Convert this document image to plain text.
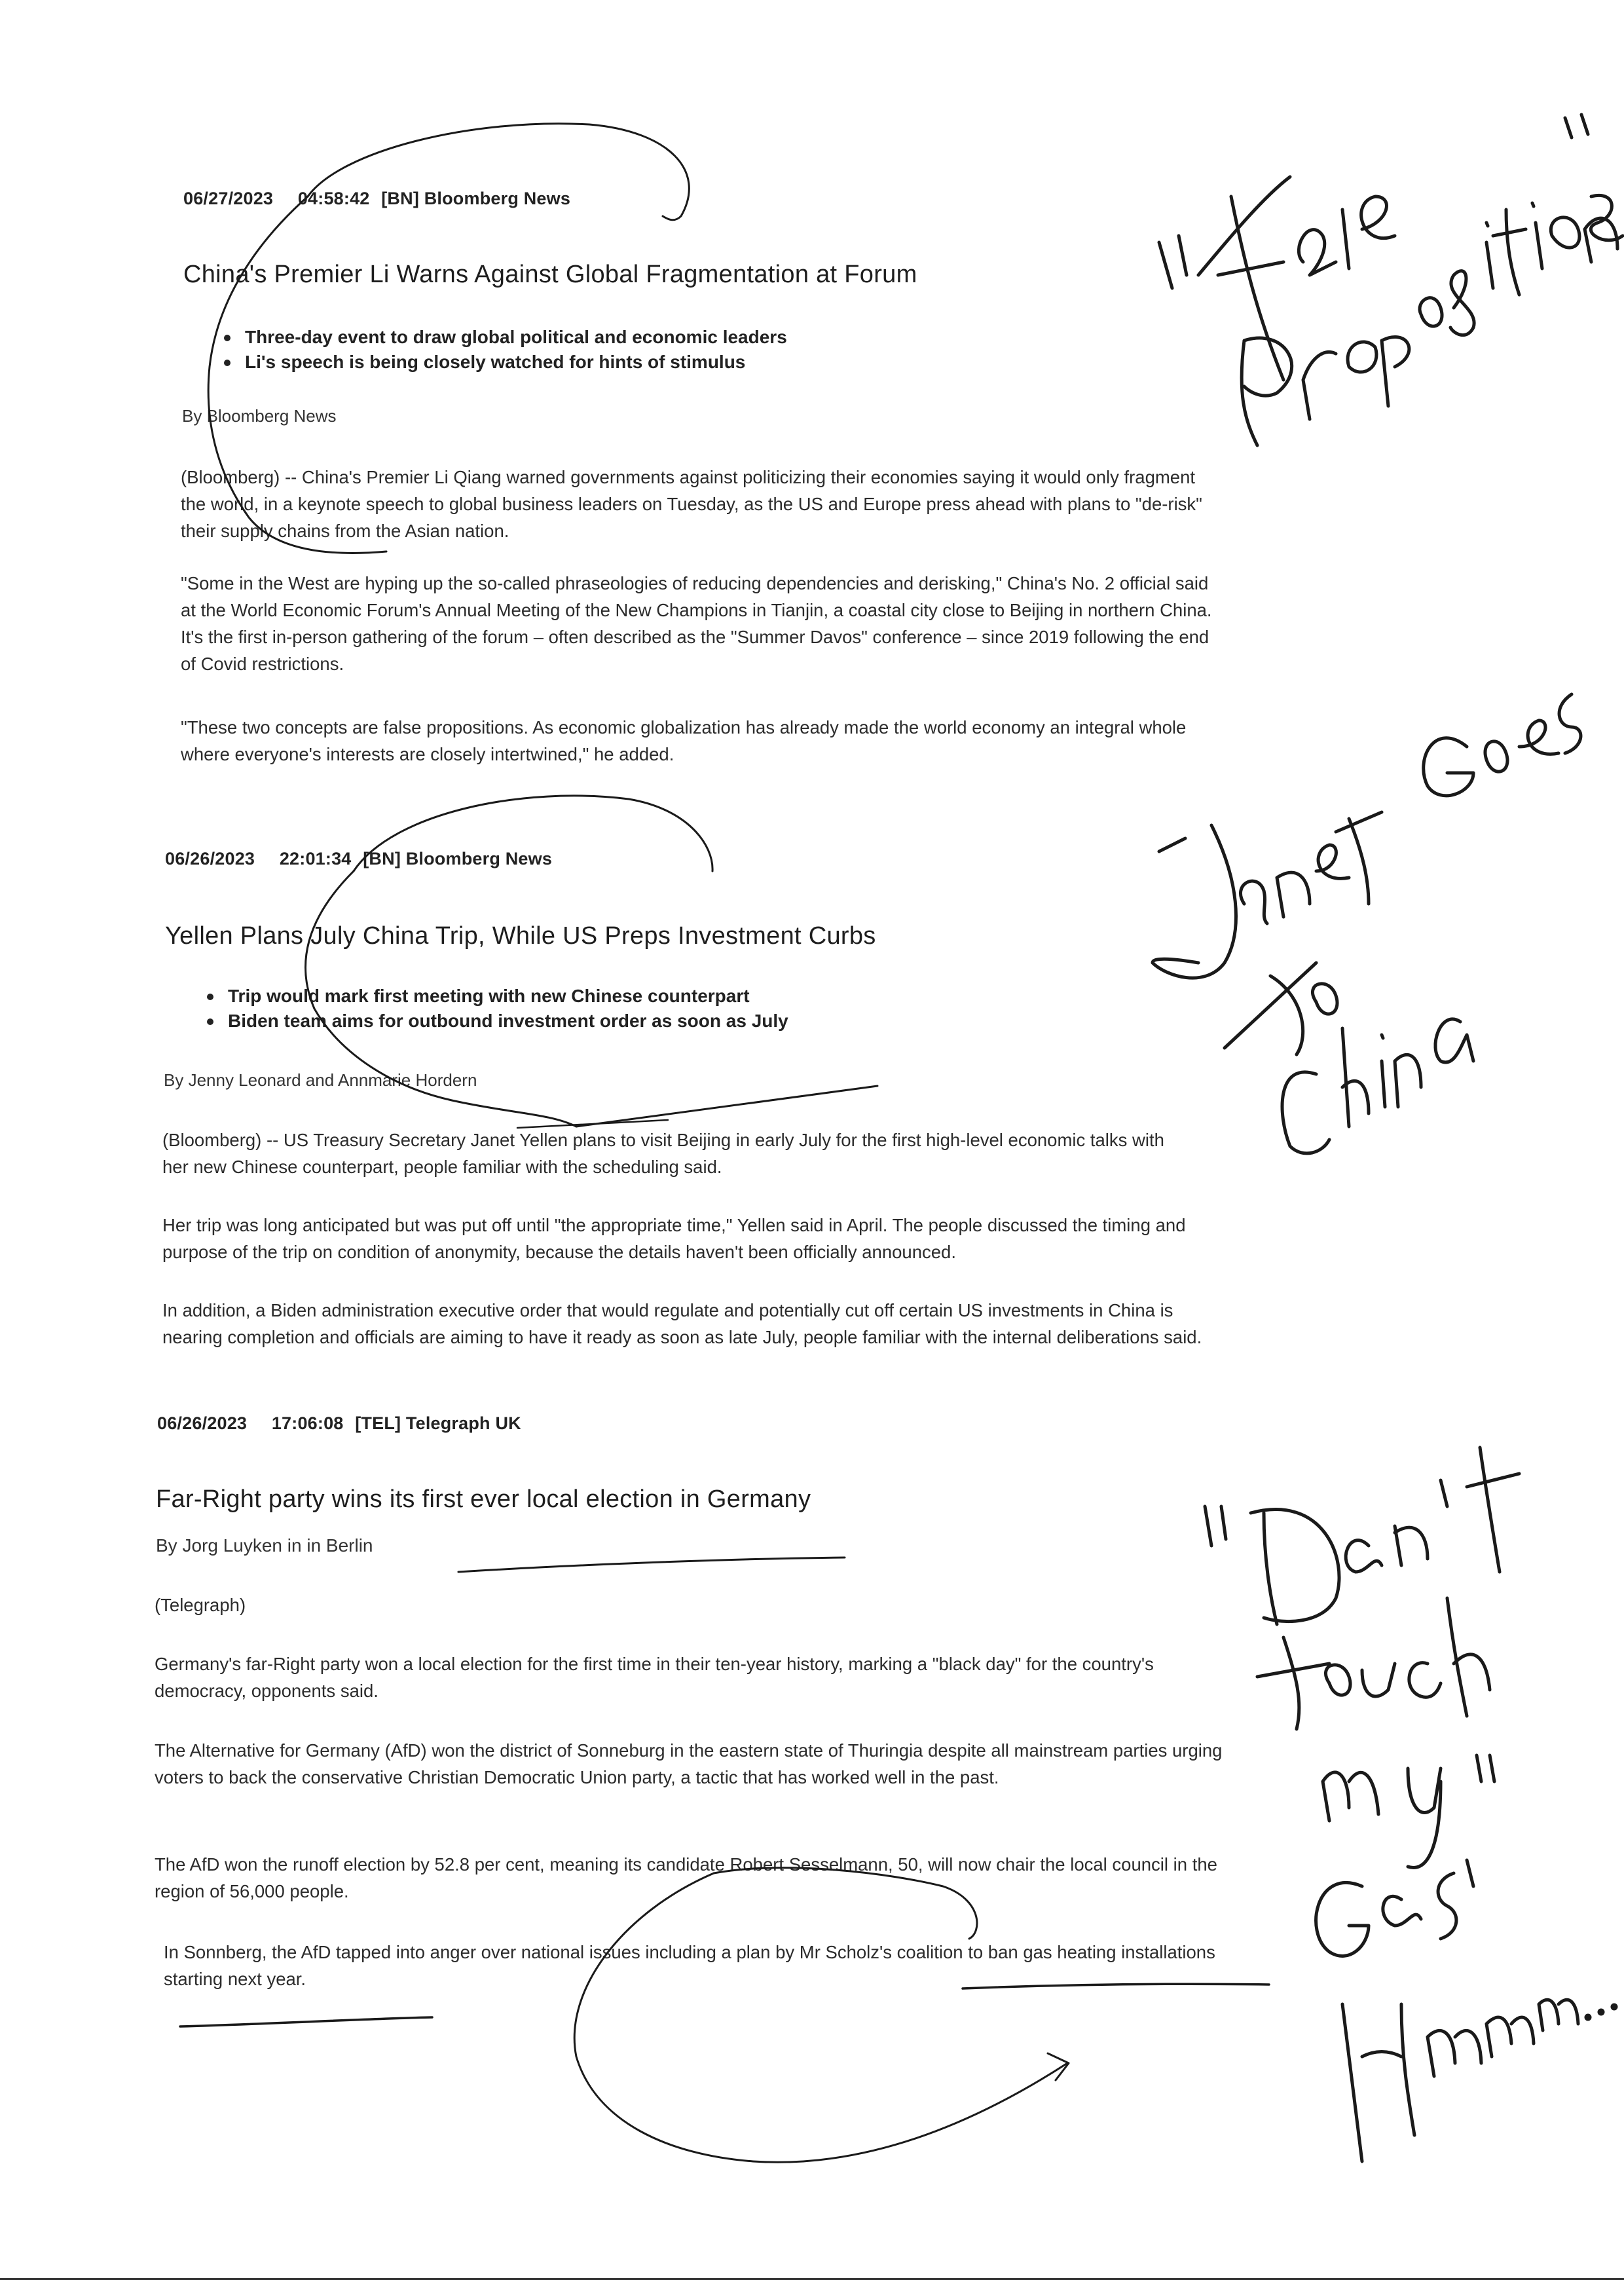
06/27/2023 04:58:42 [BN] Bloomberg News
China's Premier Li Warns Against Global Fragmentation at Forum
Three-day event to draw global political and economic leaders
Li's speech is being closely watched for hints of stimulus
By Bloomberg News

(Bloomberg) -- China's Premier Li Qiang warned governments against politicizing their economies saying it would only fragment the world, in a keynote speech to global business leaders on Tuesday, as the US and Europe press ahead with plans to "de-risk" their supply chains from the Asian nation.

"Some in the West are hyping up the so-called phraseologies of reducing dependencies and derisking," China's No. 2 official said at the World Economic Forum's Annual Meeting of the New Champions in Tianjin, a coastal city close to Beijing in northern China. It's the first in-person gathering of the forum – often described as the "Summer Davos" conference – since 2019 following the end of Covid restrictions.

"These two concepts are false propositions. As economic globalization has already made the world economy an integral whole where everyone's interests are closely intertwined," he added.

06/26/2023 22:01:34 [BN] Bloomberg News
Yellen Plans July China Trip, While US Preps Investment Curbs
Trip would mark first meeting with new Chinese counterpart
Biden team aims for outbound investment order as soon as July
By Jenny Leonard and Annmarie Hordern

(Bloomberg) -- US Treasury Secretary Janet Yellen plans to visit Beijing in early July for the first high-level economic talks with her new Chinese counterpart, people familiar with the scheduling said.

Her trip was long anticipated but was put off until "the appropriate time," Yellen said in April. The people discussed the timing and purpose of the trip on condition of anonymity, because the details haven't been officially announced.

In addition, a Biden administration executive order that would regulate and potentially cut off certain US investments in China is nearing completion and officials are aiming to have it ready as soon as late July, people familiar with the internal deliberations said.

06/26/2023 17:06:08 [TEL] Telegraph UK
Far-Right party wins its first ever local election in Germany
By Jorg Luyken in in Berlin

(Telegraph)

Germany's far-Right party won a local election for the first time in their ten-year history, marking a "black day" for the country's democracy, opponents said.

The Alternative for Germany (AfD) won the district of Sonneburg in the eastern state of Thuringia despite all mainstream parties urging voters to back the conservative Christian Democratic Union party, a tactic that has worked well in the past.

The AfD won the runoff election by 52.8 per cent, meaning its candidate Robert Sesselmann, 50, will now chair the local council in the region of 56,000 people.

In Sonnberg, the AfD tapped into anger over national issues including a plan by Mr Scholz's coalition to ban gas heating installations starting next year.
